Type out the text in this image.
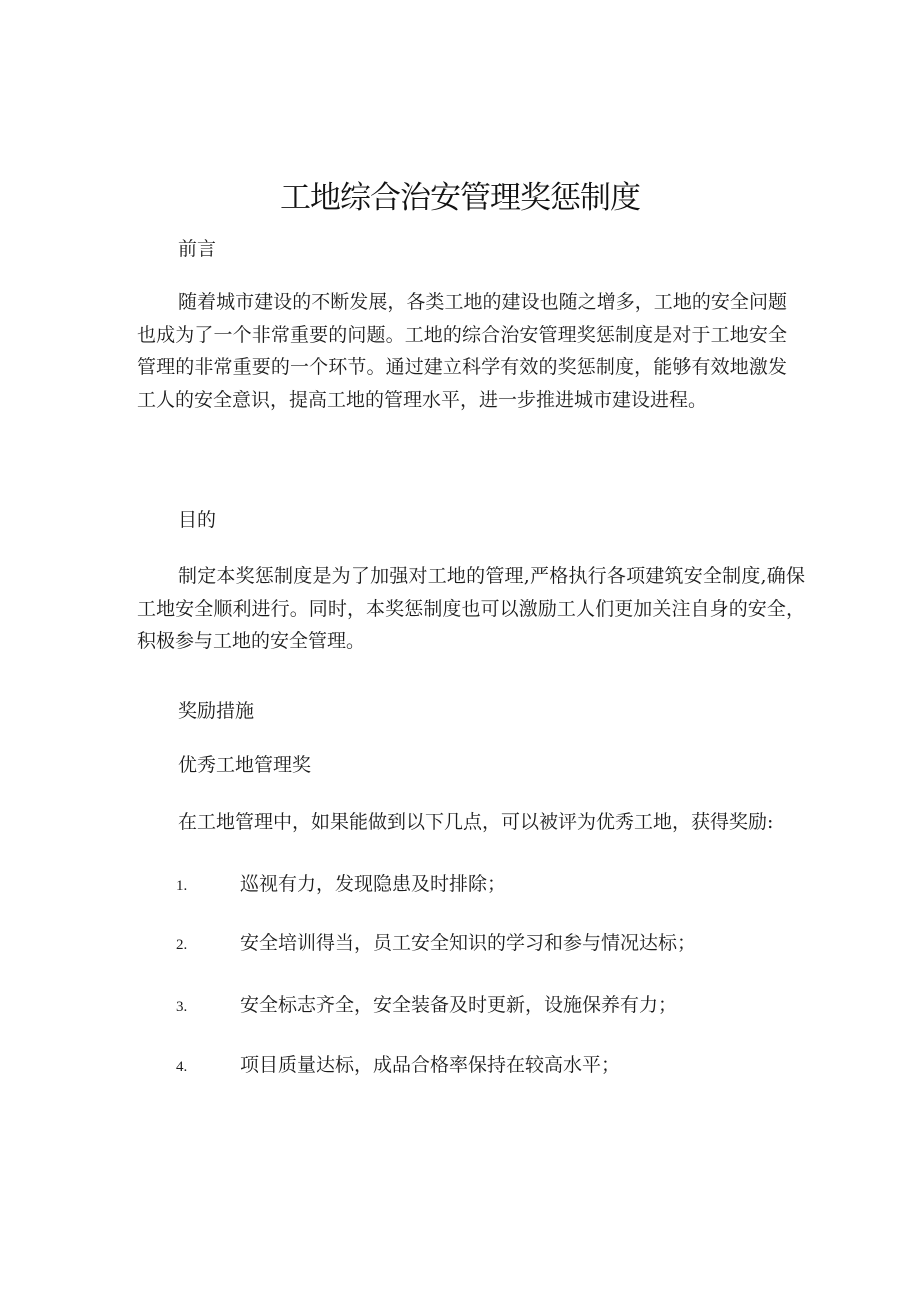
工地综合治安管理奖惩制度

前言

随着城市建设的不断发展，各类工地的建设也随之增多，工地的安全问题也成为了一个非常重要的问题。工地的综合治安管理奖惩制度是对于工地安全管理的非常重要的一个环节。通过建立科学有效的奖惩制度，能够有效地激发工人的安全意识，提高工地的管理水平，进一步推进城市建设进程。

目的

制定本奖惩制度是为了加强对工地的管理,严格执行各项建筑安全制度,确保工地安全顺利进行。同时，本奖惩制度也可以激励工人们更加关注自身的安全，积极参与工地的安全管理。

奖励措施

优秀工地管理奖

在工地管理中，如果能做到以下几点，可以被评为优秀工地，获得奖励:

1.	巡视有力，发现隐患及时排除；

2.	安全培训得当，员工安全知识的学习和参与情况达标；

3.	安全标志齐全，安全装备及时更新，设施保养有力；

4.	项目质量达标，成品合格率保持在较高水平；
